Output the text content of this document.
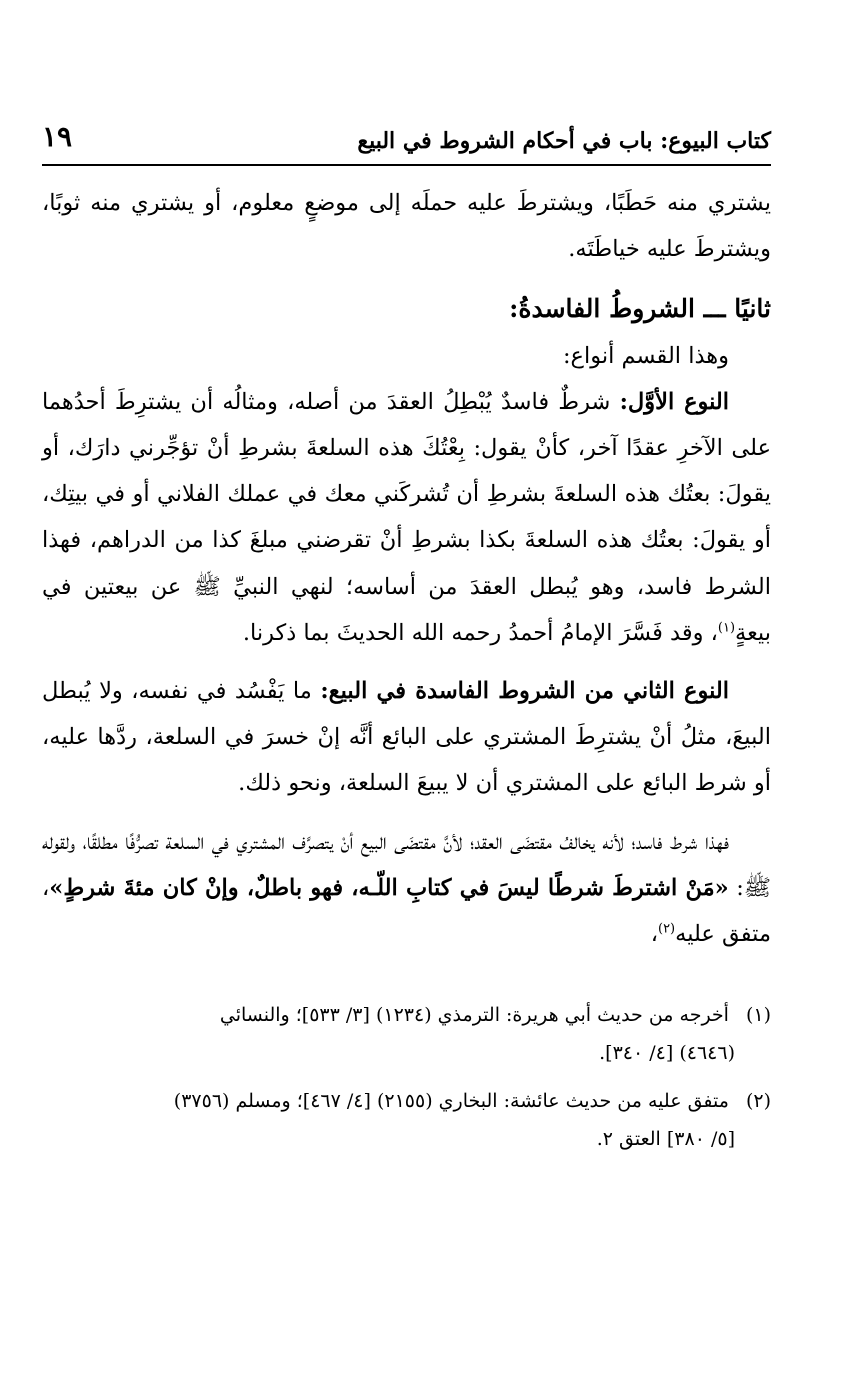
كتاب البيوع: باب في أحكام الشروط في البيع
١٩

يشتري منه حَطَبًا، ويشترطَ عليه حملَه إلى موضعٍ معلوم، أو يشتري منه ثوبًا، ويشترطَ عليه خياطَتَه.

ثانيًا ـــ الشروطُ الفاسدةُ:

وهذا القسم أنواع:

النوع الأوَّل: شرطٌ فاسدٌ يُبْطِلُ العقدَ من أصله، ومثالُه أن يشترِطَ أحدُهما على الآخرِ عقدًا آخر، كأنْ يقول: بِعْتُكَ هذه السلعةَ بشرطِ أنْ تؤجِّرني دارَك، أو يقولَ: بعتُك هذه السلعةَ بشرطِ أن تُشركَني معك في عملك الفلاني أو في بيتِك، أو يقولَ: بعتُك هذه السلعةَ بكذا بشرطِ أنْ تقرضني مبلغَ كذا من الدراهم، فهذا الشرط فاسد، وهو يُبطل العقدَ من أساسه؛ لنهي النبيِّ ﷺ عن بيعتين في بيعةٍ$^{(١)}$، وقد فَسَّرَ الإمامُ أحمدُ رحمه الله الحديثَ بما ذكرنا.

النوع الثاني من الشروط الفاسدة في البيع: ما يَفْسُد في نفسه، ولا يُبطل البيعَ، مثلُ أنْ يشترِطَ المشتري على البائع أنَّه إنْ خسرَ في السلعة، ردَّها عليه، أو شرط البائع على المشتري أن لا يبيعَ السلعة، ونحو ذلك.

فهذا شرط فاسد؛ لأنه يخالفُ مقتضَى العقد؛ لأنَّ مقتضَى البيع أنْ يتصرَّف المشتري في السلعة تصرُّفًا مطلقًا، ولقوله ﷺ: «مَنْ اشترطَ شرطًا ليسَ في كتابِ اللّـه، فهو باطلٌ، وإنْ كان مئةَ شرطٍ»، متفق عليه$^{(٢)}$،

(١) أخرجه من حديث أبي هريرة: الترمذي (١٢٣٤) [٣/ ٥٣٣]؛ والنسائي
(٤٦٤٦) [٤/ ٣٤٠].

(٢) متفق عليه من حديث عائشة: البخاري (٢١٥٥) [٤/ ٤٦٧]؛ ومسلم (٣٧٥٦)
[٥/ ٣٨٠] العتق ٢.
